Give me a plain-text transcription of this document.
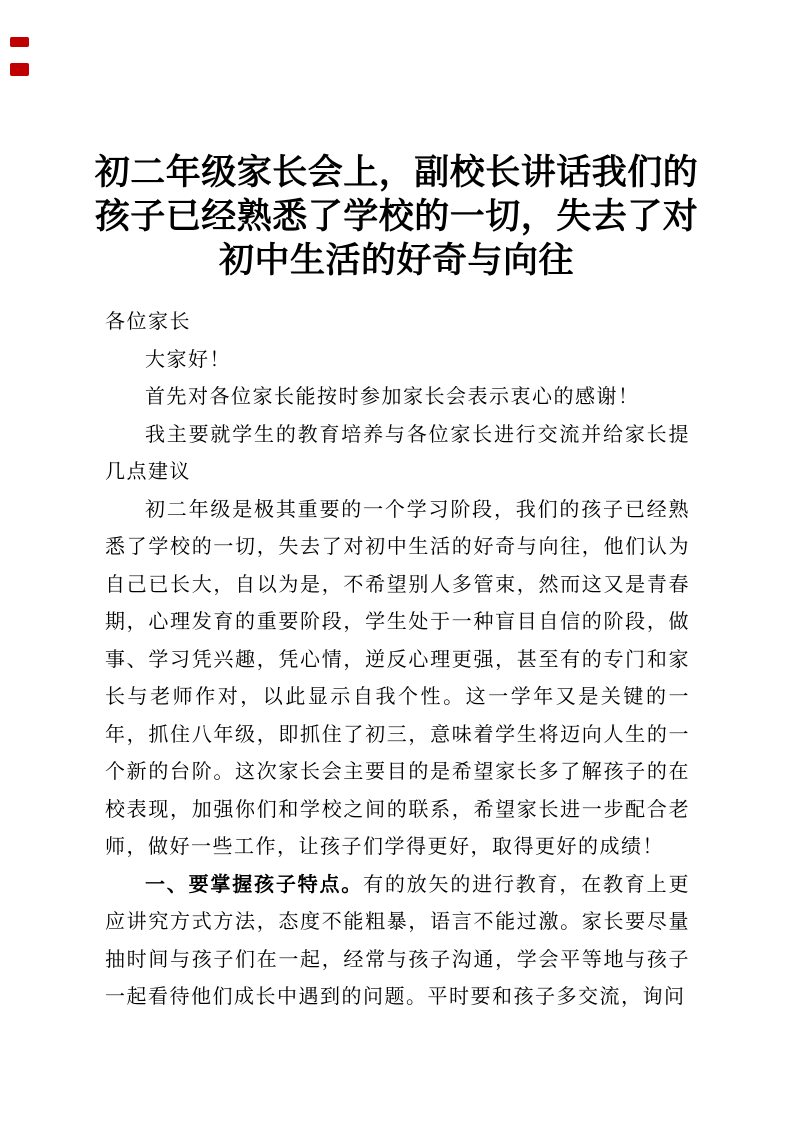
初二年级家长会上，副校长讲话我们的
孩子已经熟悉了学校的一切，失去了对
初中生活的好奇与向往

各位家长

大家好！

首先对各位家长能按时参加家长会表示衷心的感谢！

我主要就学生的教育培养与各位家长进行交流并给家长提几点建议

初二年级是极其重要的一个学习阶段，我们的孩子已经熟悉了学校的一切，失去了对初中生活的好奇与向往，他们认为自己已长大，自以为是，不希望别人多管束，然而这又是青春期，心理发育的重要阶段，学生处于一种盲目自信的阶段，做事、学习凭兴趣，凭心情，逆反心理更强，甚至有的专门和家长与老师作对，以此显示自我个性。这一学年又是关键的一年，抓住八年级，即抓住了初三，意味着学生将迈向人生的一个新的台阶。这次家长会主要目的是希望家长多了解孩子的在校表现，加强你们和学校之间的联系，希望家长进一步配合老师，做好一些工作，让孩子们学得更好，取得更好的成绩！

一、要掌握孩子特点。有的放矢的进行教育，在教育上更应讲究方式方法，态度不能粗暴，语言不能过激。家长要尽量抽时间与孩子们在一起，经常与孩子沟通，学会平等地与孩子一起看待他们成长中遇到的问题。平时要和孩子多交流，询问
